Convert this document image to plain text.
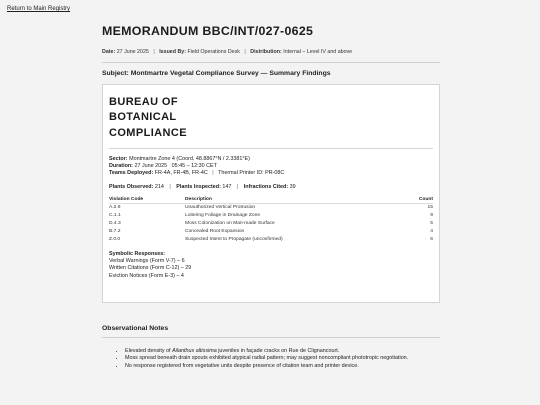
Return to Main Registry
MEMORANDUM BBC/INT/027-0625
Date: 27 June 2025 | Issued By: Field Operations Desk | Distribution: Internal – Level IV and above
Subject: Montmartre Vegetal Compliance Survey — Summary Findings
BUREAU OF
BOTANICAL
COMPLIANCE
Sector: Montmartre Zone 4 (Coord. 48.8867°N / 2.3381°E)
Duration: 27 June 2025   05:45 – 12:30 CET
Teams Deployed: FR-4A, FR-4B, FR-4C | Thermal Printer ID: PR-08C
Plants Observed: 214 | Plants Inspected: 147 | Infractions Cited: 39
Violation Code	Description	Count
A.2.9	Unauthorized Vertical Protrusion	15
C.1.1	Loitering Foliage in Drainage Zone	9
D.4.3	Moss Colonization on Man-made Surface	5
B.7.2	Concealed Root Expansion	4
Z.0.0	Suspected Intent to Propagate (unconfirmed)	6
Symbolic Responses:
Verbal Warnings (Form V-7) – 6
Written Citations (Form C-12) – 29
Eviction Notices (Form E-3) – 4
Observational Notes
• Elevated density of Ailanthus altissima juveniles in façade cracks on Rue de Clignancourt.
• Moss spread beneath drain spouts exhibited atypical radial pattern; may suggest noncompliant phototropic negotiation.
• No response registered from vegetative units despite presence of citation team and printer device.
